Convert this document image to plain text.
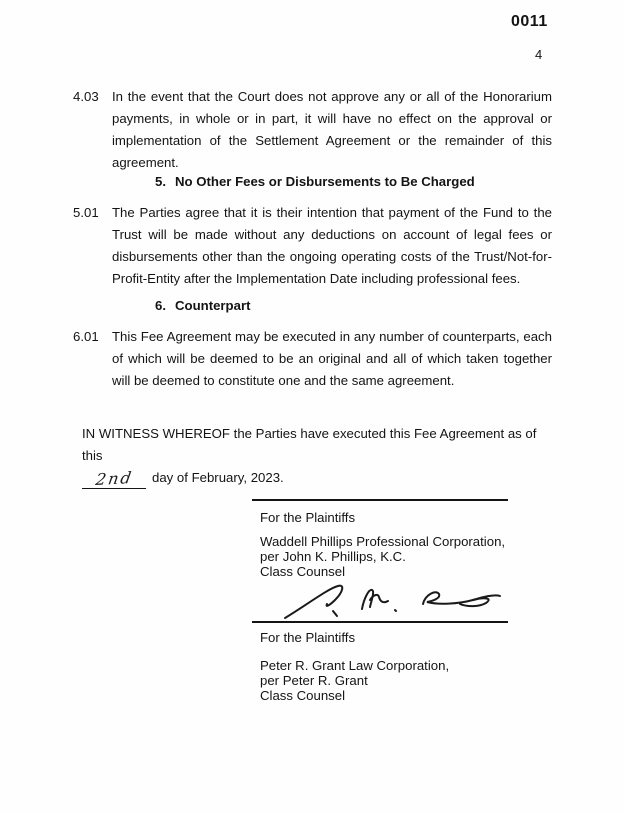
0011
4
4.03	In the event that the Court does not approve any or all of the Honorarium payments, in whole or in part, it will have no effect on the approval or implementation of the Settlement Agreement or the remainder of this agreement.
5. No Other Fees or Disbursements to Be Charged
5.01	The Parties agree that it is their intention that payment of the Fund to the Trust will be made without any deductions on account of legal fees or disbursements other than the ongoing operating costs of the Trust/Not-for-Profit-Entity after the Implementation Date including professional fees.
6. Counterpart
6.01	This Fee Agreement may be executed in any number of counterparts, each of which will be deemed to be an original and all of which taken together will be deemed to constitute one and the same agreement.
IN WITNESS WHEREOF the Parties have executed this Fee Agreement as of this
2nd	day of February, 2023.
For the Plaintiffs
Waddell Phillips Professional Corporation,
per John K. Phillips, K.C.
Class Counsel
For the Plaintiffs
Peter R. Grant Law Corporation,
per Peter R. Grant
Class Counsel
